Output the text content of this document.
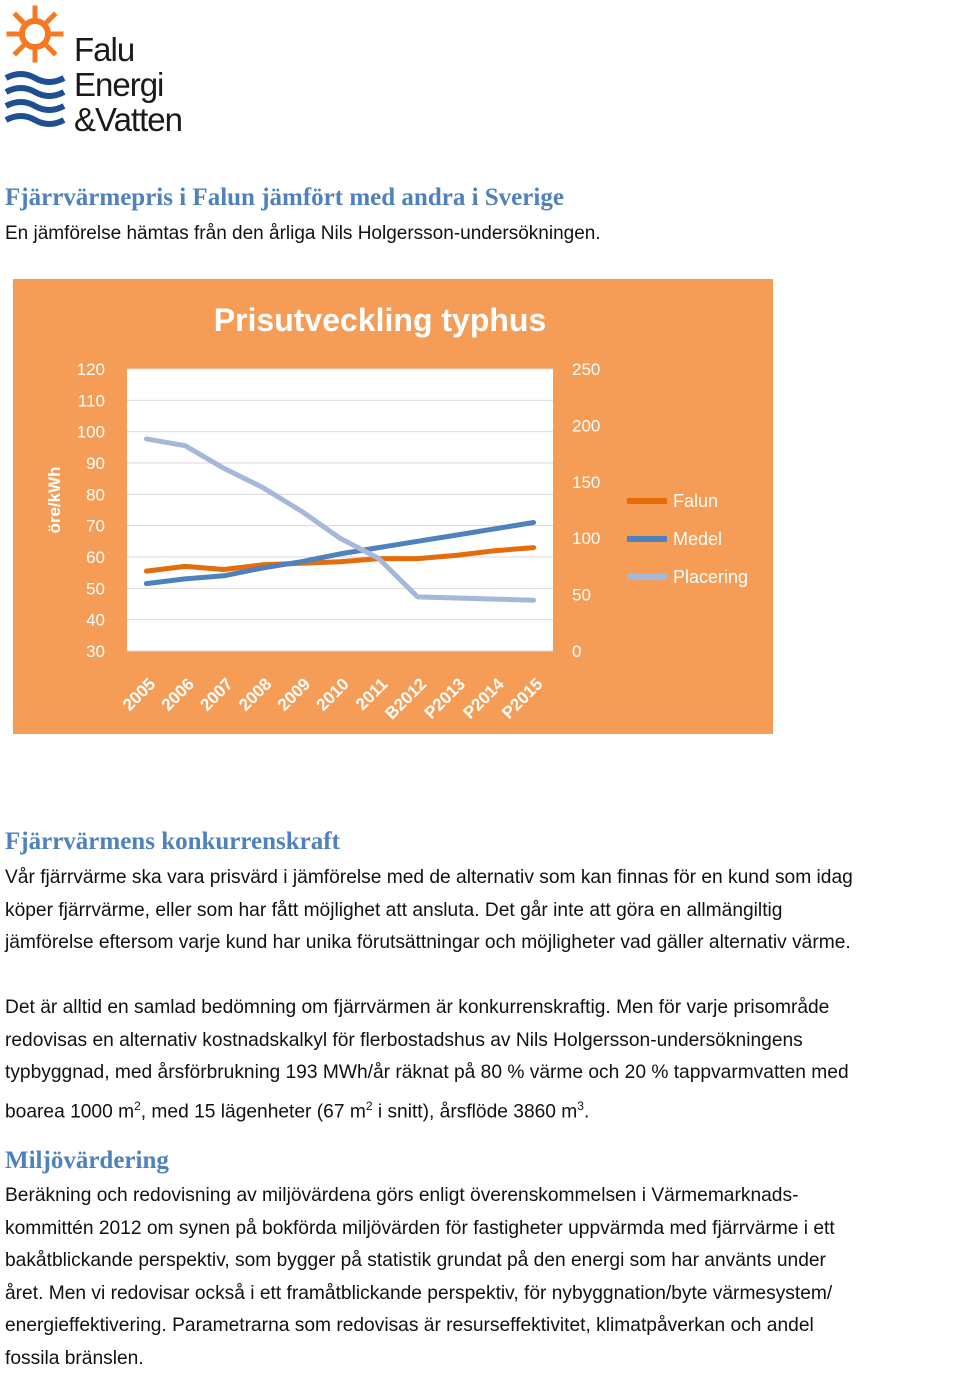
Falu
Energi
&Vatten
Fjärrvärmepris i Falun jämfört med andra i Sverige

En jämförelse hämtas från den årliga Nils Holgersson-undersökningen.

Prisutveckling typhus
öre/kWh
120
110
100
90
80
70
60
50
40
30
250
200
150
100
50
0
2005
2006
2007
2008
2009
2010 2011
B2012
P2013
P2014
P2015
Falun
Medel
Placering
Fjärrvärmens konkurrenskraft

Vår fjärrvärme ska vara prisvärd i jämförelse med de alternativ som kan finnas för en kund som idag
köper fjärrvärme, eller som har fått möjlighet att ansluta. Det går inte att göra en allmängiltig
jämförelse eftersom varje kund har unika förutsättningar och möjligheter vad gäller alternativ värme.

Det är alltid en samlad bedömning om fjärrvärmen är konkurrenskraftig. Men för varje prisområde
redovisas en alternativ kostnadskalkyl för flerbostadshus av Nils Holgersson-undersökningens
typbyggnad, med årsförbrukning 193 MWh/år räknat på 80 % värme och 20 % tappvarmvatten med
boarea 1000 $m^2$, med 15 lägenheter (67 $m^2$ i snitt), årsflöde 3860 $m^3$.

Miljövärdering

Beräkning och redovisning av miljövärdena görs enligt överenskommelsen i Värmemarknads-
kommittén 2012 om synen på bokförda miljövärden för fastigheter uppvärmda med fjärrvärme i ett
bakåtblickande perspektiv, som bygger på statistik grundat på den energi som har använts under
året. Men vi redovisar också i ett framåtblickande perspektiv, för nybyggnation/byte värmesystem/
energieffektivering. Parametrarna som redovisas är resurseffektivitet, klimatpåverkan och andel
fossila bränslen.
